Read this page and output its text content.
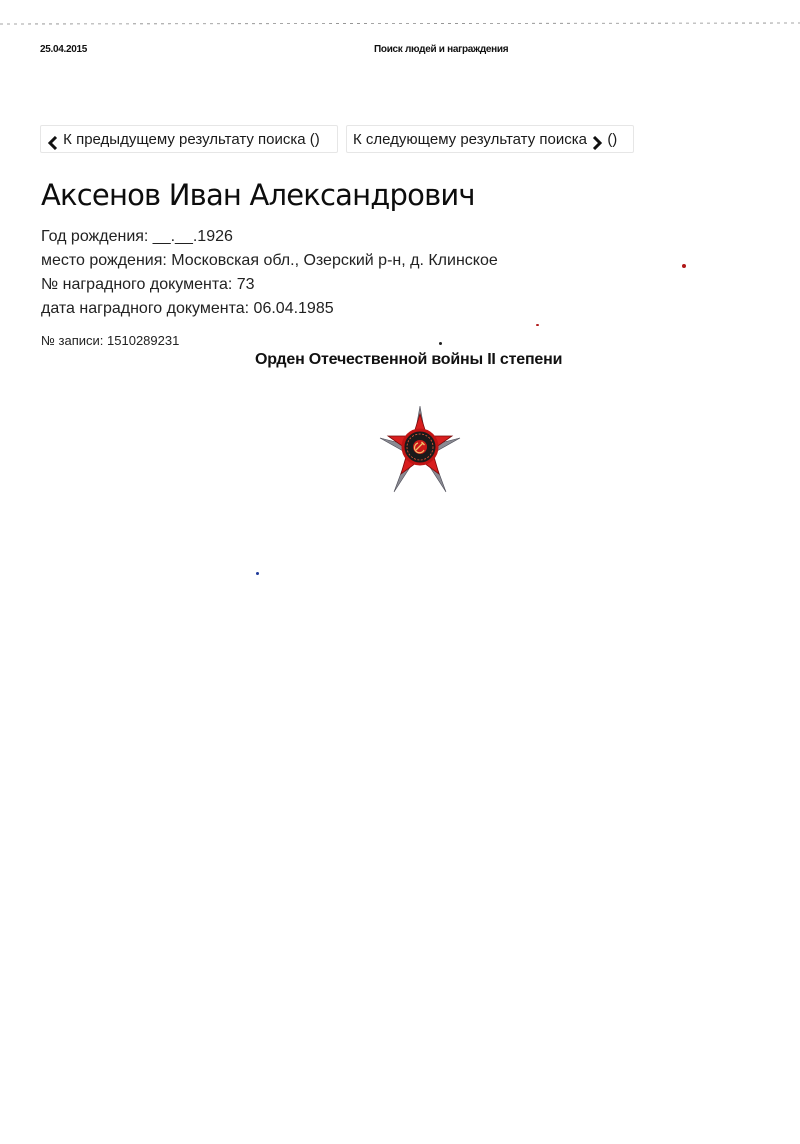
25.04.2015	Поиск людей и награждения
К предыдущему результату поиска ()	К следующему результату поиска ()
Аксенов Иван Александрович
Год рождения: __.__.1926
место рождения: Московская обл., Озерский р-н, д. Клинское
№ наградного документа: 73
дата наградного документа: 06.04.1985
№ записи: 1510289231
Орден Отечественной войны II степени
